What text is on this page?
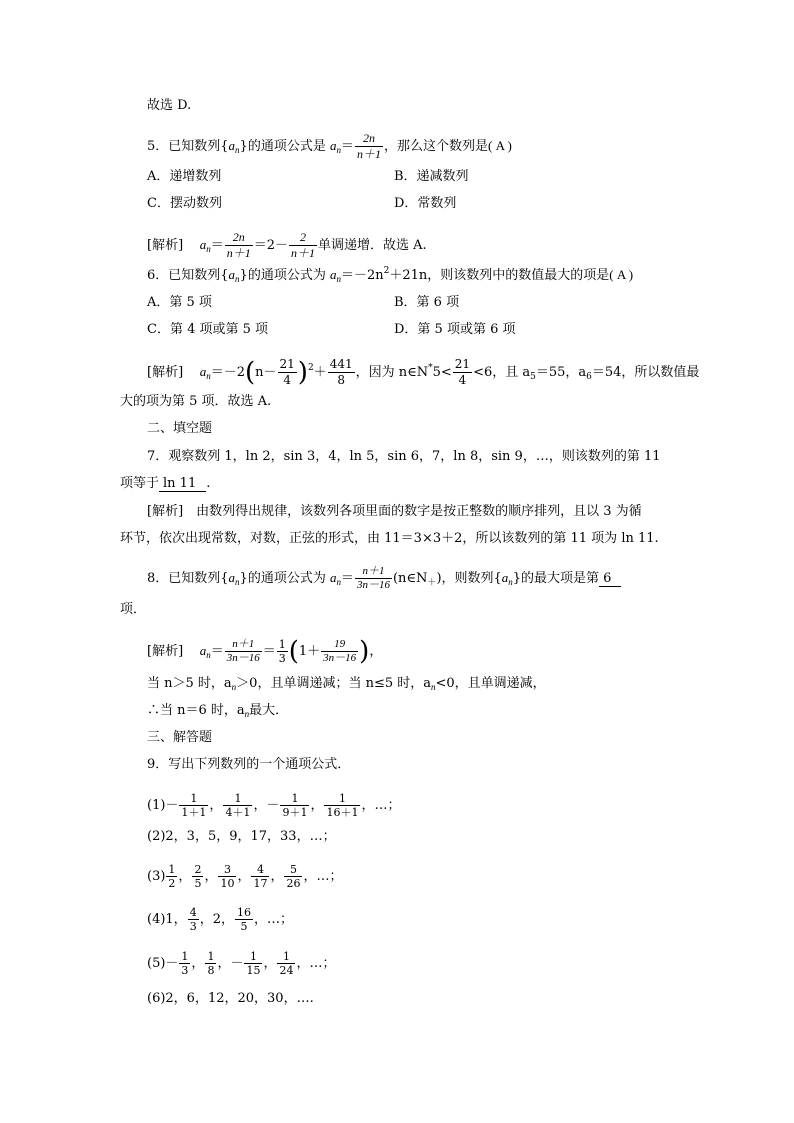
故选 D.
5．已知数列$\{a_n\}$的通项公式是 $a_n= \frac{2n}{n+1}$ ，那么这个数列是( A )
A．递增数列	B．递减数列
C．摆动数列	D．常数列
[解析] $a_n= \frac{2n}{n+1} =2- \frac{2}{n+1}$ 单调递增．故选 A.
6．已知数列$\{a_n\}$的通项公式为 $a_n=-2n^2+21n$，则该数列中的数值最大的项是( A )
A．第 5 项	B．第 6 项
C．第 4 项或第 5 项	D．第 5 项或第 6 项
[解析] $a_n=-2(n- \frac{21}{4} )^2+ \frac{441}{8}$ ，因为 n∈N*5< $\frac{21}{4} <6$，且 $a_5=55$，$a_6=54$，所以数值最
大的项为第 5 项．故选 A.
二、填空题
7．观察数列 1，ln 2，sin 3，4，ln 5，sin 6，7，ln 8，sin 9，…，则该数列的第 11
项等于 ln 11 .
[解析]　由数列得出规律，该数列各项里面的数字是按正整数的顺序排列，且以 3 为循
环节，依次出现常数，对数，正弦的形式，由 11＝3×3＋2，所以该数列的第 11 项为 ln 11.
8．已知数列$\{a_n\}$的通项公式为 $a_n= \frac{n+1}{3n-16}$ $(n\in N_+)$，则数列$\{a_n\}$的最大项是第 6
项．
[解析] $a_n= \frac{n+1}{3n-16} = \frac{1}{3} (1+ \frac{19}{3n-16}$ )，
当 n＞5 时，$a_n>0$，且单调递减；当 n≤5 时，$a_n<0$，且单调递减，
∴当 n＝6 时，$a_n$最大．
三、解答题
9．写出下列数列的一个通项公式．
$(1)- \frac{1}{1+1}$ ， $\frac{1}{4+1}$ ，－ $\frac{1}{9+1}$ ， $\frac{1}{16+1}$ ，…；
(2)2，3，5，9，17，33，…；
$(3) \frac{1}{2}$ ， $\frac{2}{5}$ ， $\frac{3}{10}$ ， $\frac{4}{17}$ ， $\frac{5}{26}$ ，…；
(4)1， $\frac{4}{3}$ ，2， $\frac{16}{5}$ ，…；
$(5)- \frac{1}{3}$ ， $\frac{1}{8}$ ，－ $\frac{1}{15}$ ， $\frac{1}{24}$ ，…；
(6)2，6，12，20，30，….
